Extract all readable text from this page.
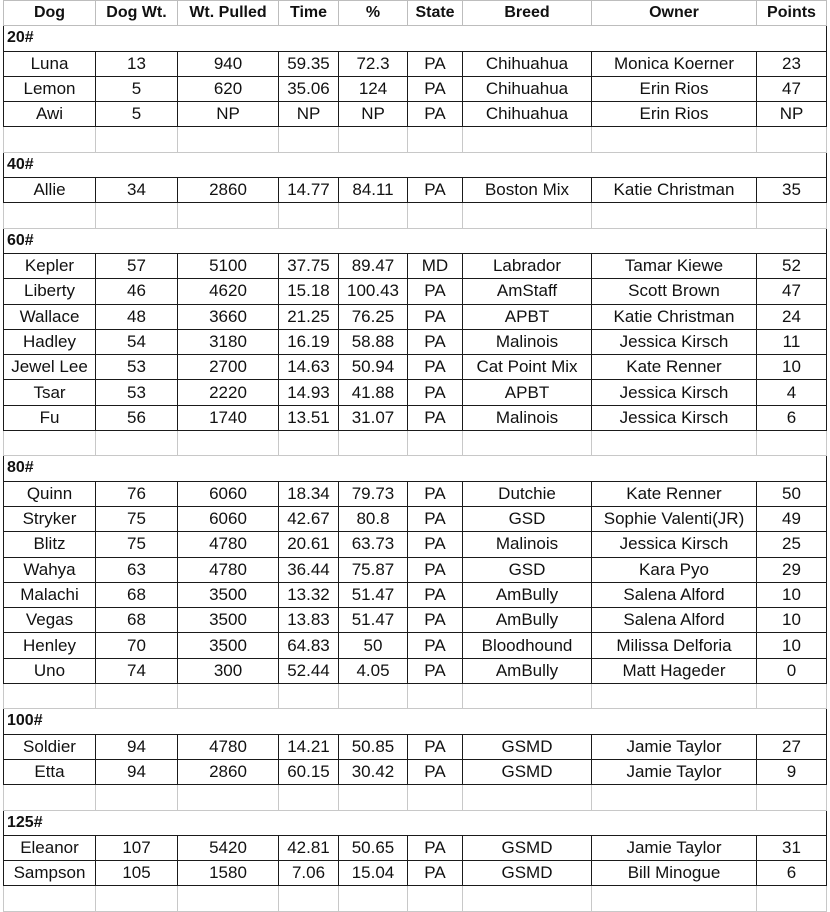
Dog	Dog Wt.	Wt. Pulled	Time	%	State	Breed	Owner	Points
20#								
Luna	13	940	59.35	72.3	PA	Chihuahua	Monica Koerner	23
Lemon	5	620	35.06	124	PA	Chihuahua	Erin Rios	47
Awi	5	NP	NP	NP	PA	Chihuahua	Erin Rios	NP

40#								
Allie	34	2860	14.77	84.11	PA	Boston Mix	Katie Christman	35

60#								
Kepler	57	5100	37.75	89.47	MD	Labrador	Tamar Kiewe	52
Liberty	46	4620	15.18	100.43	PA	AmStaff	Scott Brown	47
Wallace	48	3660	21.25	76.25	PA	APBT	Katie Christman	24
Hadley	54	3180	16.19	58.88	PA	Malinois	Jessica Kirsch	11
Jewel Lee	53	2700	14.63	50.94	PA	Cat Point Mix	Kate Renner	10
Tsar	53	2220	14.93	41.88	PA	APBT	Jessica Kirsch	4
Fu	56	1740	13.51	31.07	PA	Malinois	Jessica Kirsch	6

80#								
Quinn	76	6060	18.34	79.73	PA	Dutchie	Kate Renner	50
Stryker	75	6060	42.67	80.8	PA	GSD	Sophie Valenti(JR)	49
Blitz	75	4780	20.61	63.73	PA	Malinois	Jessica Kirsch	25
Wahya	63	4780	36.44	75.87	PA	GSD	Kara Pyo	29
Malachi	68	3500	13.32	51.47	PA	AmBully	Salena Alford	10
Vegas	68	3500	13.83	51.47	PA	AmBully	Salena Alford	10
Henley	70	3500	64.83	50	PA	Bloodhound	Milissa Delforia	10
Uno	74	300	52.44	4.05	PA	AmBully	Matt Hageder	0

100#								
Soldier	94	4780	14.21	50.85	PA	GSMD	Jamie Taylor	27
Etta	94	2860	60.15	30.42	PA	GSMD	Jamie Taylor	9

125#								
Eleanor	107	5420	42.81	50.65	PA	GSMD	Jamie Taylor	31
Sampson	105	1580	7.06	15.04	PA	GSMD	Bill Minogue	6
